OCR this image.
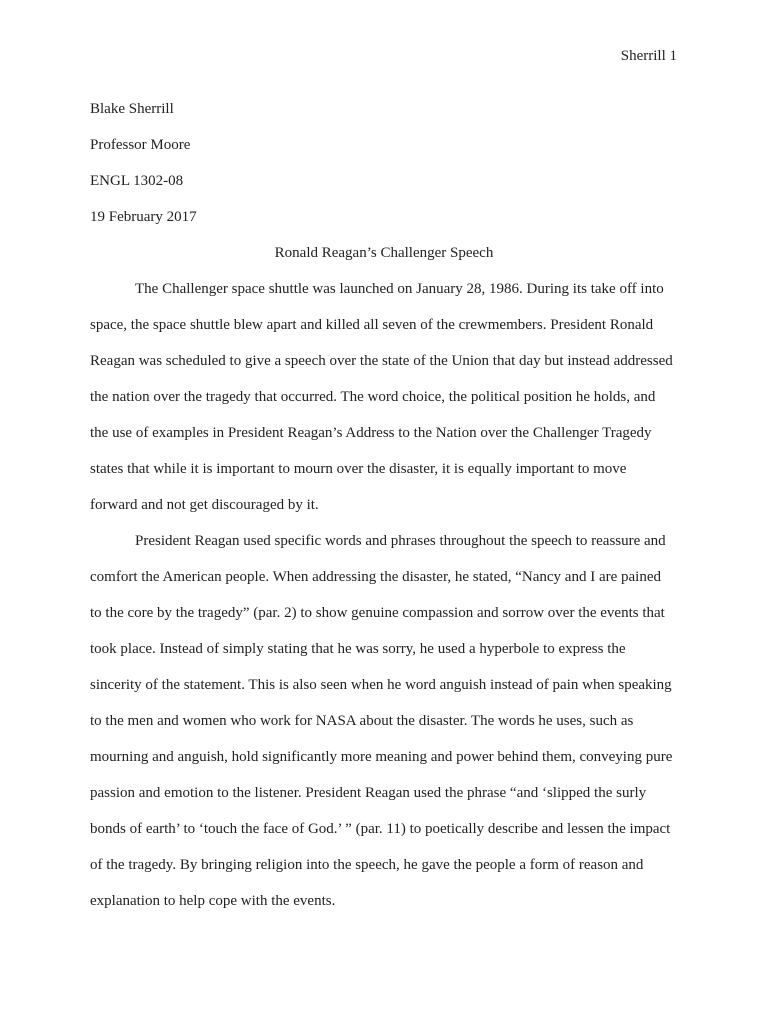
Sherrill 1
Blake Sherrill
Professor Moore
ENGL 1302-08
19 February 2017
Ronald Reagan’s Challenger Speech
The Challenger space shuttle was launched on January 28, 1986. During its take off into
space, the space shuttle blew apart and killed all seven of the crewmembers. President Ronald
Reagan was scheduled to give a speech over the state of the Union that day but instead addressed
the nation over the tragedy that occurred. The word choice, the political position he holds, and
the use of examples in President Reagan’s Address to the Nation over the Challenger Tragedy
states that while it is important to mourn over the disaster, it is equally important to move
forward and not get discouraged by it.
President Reagan used specific words and phrases throughout the speech to reassure and
comfort the American people. When addressing the disaster, he stated, “Nancy and I are pained
to the core by the tragedy” (par. 2) to show genuine compassion and sorrow over the events that
took place. Instead of simply stating that he was sorry, he used a hyperbole to express the
sincerity of the statement. This is also seen when he word anguish instead of pain when speaking
to the men and women who work for NASA about the disaster. The words he uses, such as
mourning and anguish, hold significantly more meaning and power behind them, conveying pure
passion and emotion to the listener. President Reagan used the phrase “and ‘slipped the surly
bonds of earth’ to ‘touch the face of God.’ ” (par. 11) to poetically describe and lessen the impact
of the tragedy. By bringing religion into the speech, he gave the people a form of reason and
explanation to help cope with the events.
